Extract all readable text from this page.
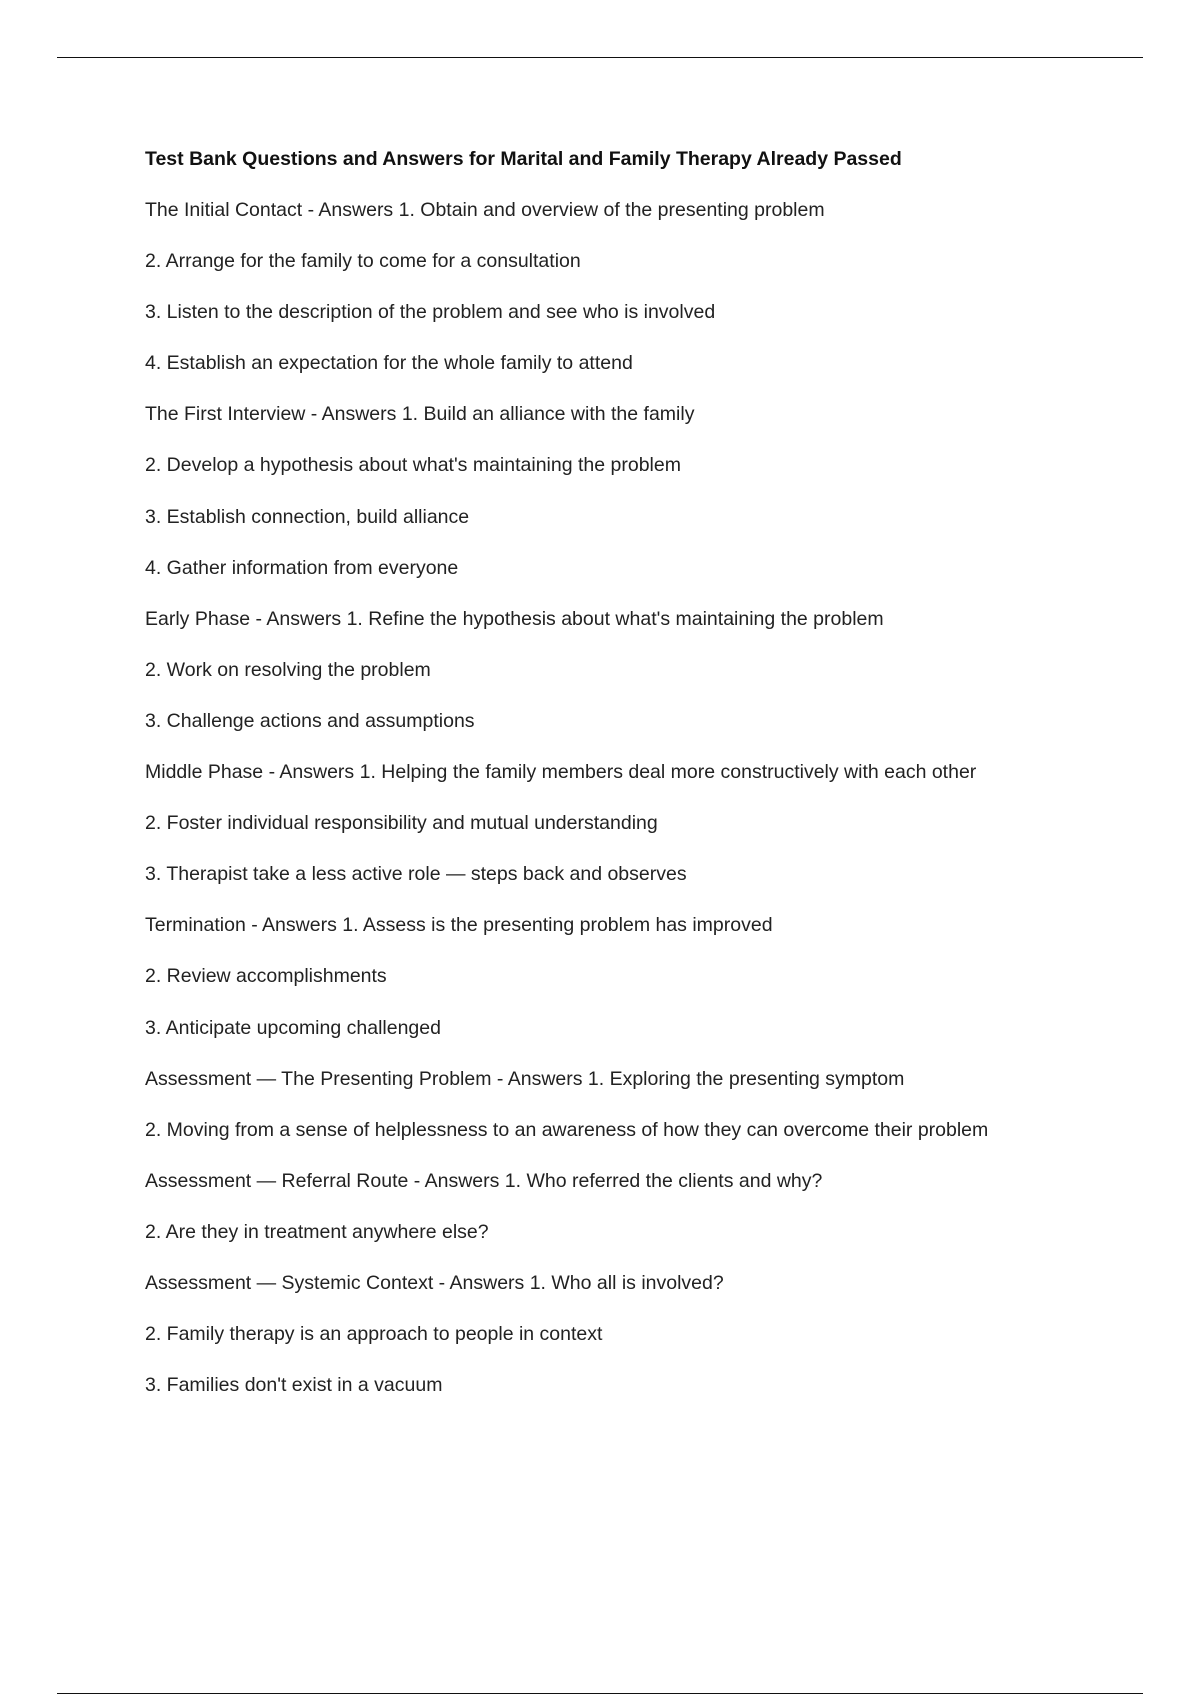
Test Bank Questions and Answers for Marital and Family Therapy Already Passed
The Initial Contact - Answers 1. Obtain and overview of the presenting problem
2. Arrange for the family to come for a consultation
3. Listen to the description of the problem and see who is involved
4. Establish an expectation for the whole family to attend
The First Interview - Answers 1. Build an alliance with the family
2. Develop a hypothesis about what's maintaining the problem
3. Establish connection, build alliance
4. Gather information from everyone
Early Phase - Answers 1. Refine the hypothesis about what's maintaining the problem
2. Work on resolving the problem
3. Challenge actions and assumptions
Middle Phase - Answers 1. Helping the family members deal more constructively with each other
2. Foster individual responsibility and mutual understanding
3. Therapist take a less active role — steps back and observes
Termination - Answers 1. Assess is the presenting problem has improved
2. Review accomplishments
3. Anticipate upcoming challenged
Assessment — The Presenting Problem - Answers 1. Exploring the presenting symptom
2. Moving from a sense of helplessness to an awareness of how they can overcome their problem
Assessment — Referral Route - Answers 1. Who referred the clients and why?
2. Are they in treatment anywhere else?
Assessment — Systemic Context - Answers 1. Who all is involved?
2. Family therapy is an approach to people in context
3. Families don't exist in a vacuum
